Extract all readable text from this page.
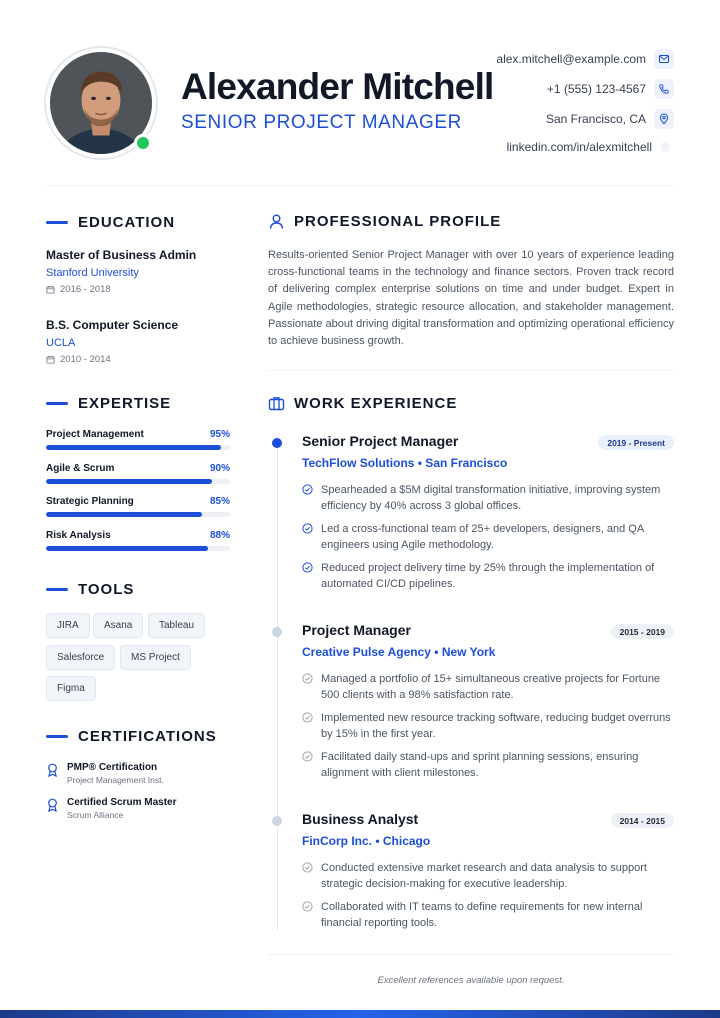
Alexander Mitchell
SENIOR PROJECT MANAGER
alex.mitchell@example.com
+1 (555) 123-4567
San Francisco, CA
linkedin.com/in/alexmitchell
EDUCATION
Master of Business Admin
Stanford University
2016 - 2018
B.S. Computer Science
UCLA
2010 - 2014
EXPERTISE
Project Management	95%
Agile & Scrum	90%
Strategic Planning	85%
Risk Analysis	88%
TOOLS
JIRA	Asana	Tableau
Salesforce	MS Project
Figma
CERTIFICATIONS
PMP® Certification
Project Management Inst.
Certified Scrum Master
Scrum Alliance
PROFESSIONAL PROFILE
Results-oriented Senior Project Manager with over 10 years of experience leading cross-functional teams in the technology and finance sectors. Proven track record of delivering complex enterprise solutions on time and under budget. Expert in Agile methodologies, strategic resource allocation, and stakeholder management. Passionate about driving digital transformation and optimizing operational efficiency to achieve business growth.
WORK EXPERIENCE
Senior Project Manager	2019 - Present
TechFlow Solutions • San Francisco
Spearheaded a $5M digital transformation initiative, improving system efficiency by 40% across 3 global offices.
Led a cross-functional team of 25+ developers, designers, and QA engineers using Agile methodology.
Reduced project delivery time by 25% through the implementation of automated CI/CD pipelines.
Project Manager	2015 - 2019
Creative Pulse Agency • New York
Managed a portfolio of 15+ simultaneous creative projects for Fortune 500 clients with a 98% satisfaction rate.
Implemented new resource tracking software, reducing budget overruns by 15% in the first year.
Facilitated daily stand-ups and sprint planning sessions, ensuring alignment with client milestones.
Business Analyst	2014 - 2015
FinCorp Inc. • Chicago
Conducted extensive market research and data analysis to support strategic decision-making for executive leadership.
Collaborated with IT teams to define requirements for new internal financial reporting tools.
Excellent references available upon request.
